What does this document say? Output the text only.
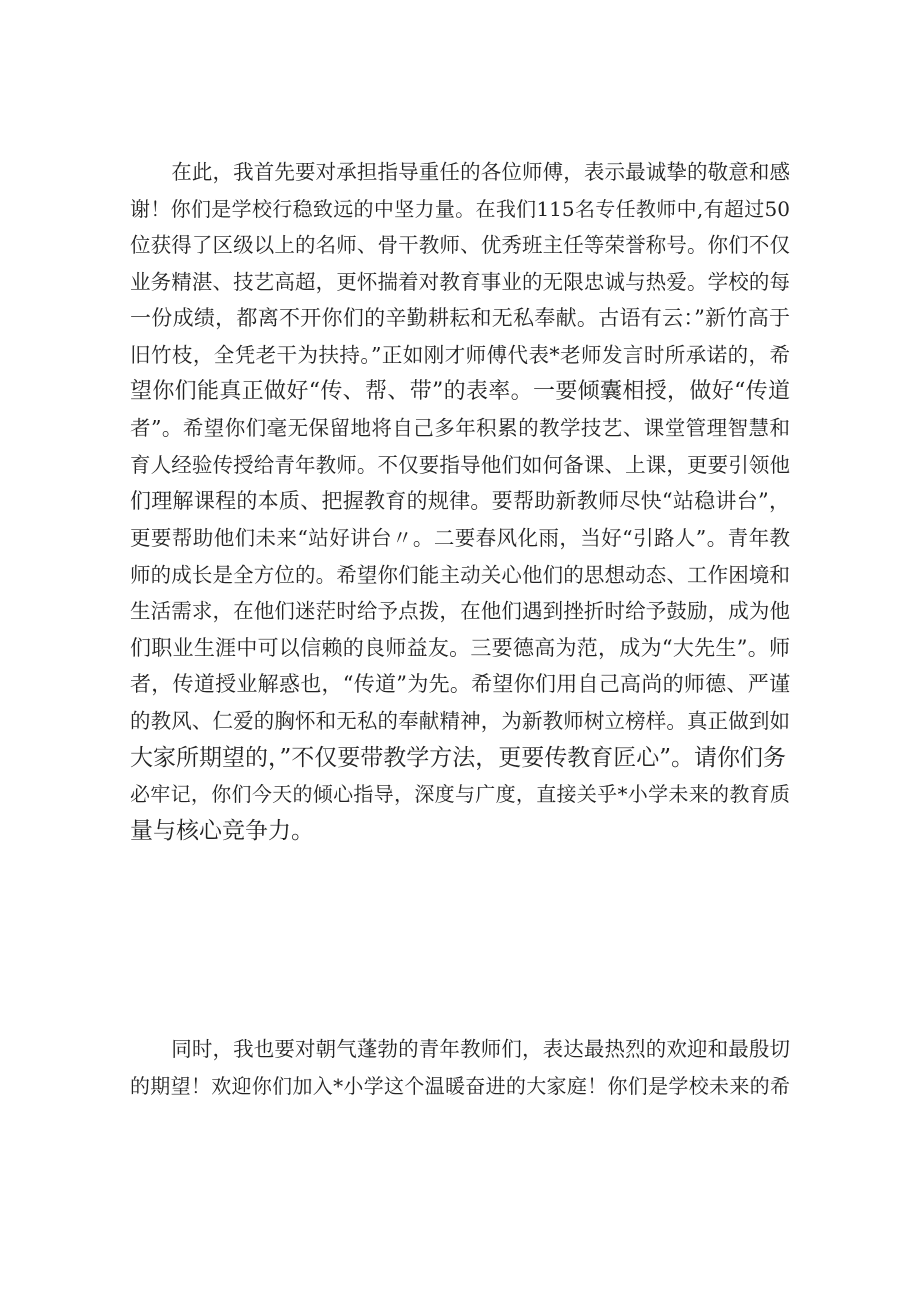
　　在此，我首先要对承担指导重任的各位师傅，表示最诚挚的敬意和感
谢！你们是学校行稳致远的中坚力量。在我们115名专任教师中,有超过50
位获得了区级以上的名师、骨干教师、优秀班主任等荣誉称号。你们不仅
业务精湛、技艺高超，更怀揣着对教育事业的无限忠诚与热爱。学校的每
一份成绩，都离不开你们的辛勤耕耘和无私奉献。古语有云：”新竹高于
旧竹枝，全凭老干为扶持。”正如刚才师傅代表*老师发言时所承诺的，希
望你们能真正做好“传、帮、带”的表率。一要倾囊相授，做好“传道
者”。希望你们毫无保留地将自己多年积累的教学技艺、课堂管理智慧和
育人经验传授给青年教师。不仅要指导他们如何备课、上课，更要引领他
们理解课程的本质、把握教育的规律。要帮助新教师尽快“站稳讲台”，
更要帮助他们未来“站好讲台〃。二要春风化雨，当好“引路人”。青年教
师的成长是全方位的。希望你们能主动关心他们的思想动态、工作困境和
生活需求，在他们迷茫时给予点拨，在他们遇到挫折时给予鼓励，成为他
们职业生涯中可以信赖的良师益友。三要德高为范，成为“大先生”。师
者，传道授业解惑也，“传道”为先。希望你们用自己高尚的师德、严谨
的教风、仁爱的胸怀和无私的奉献精神，为新教师树立榜样。真正做到如
大家所期望的，”不仅要带教学方法，更要传教育匠心”。请你们务
必牢记，你们今天的倾心指导，深度与广度，直接关乎*小学未来的教育质
量与核心竞争力。

　　同时，我也要对朝气蓬勃的青年教师们，表达最热烈的欢迎和最殷切
的期望！欢迎你们加入*小学这个温暖奋进的大家庭！你们是学校未来的希
